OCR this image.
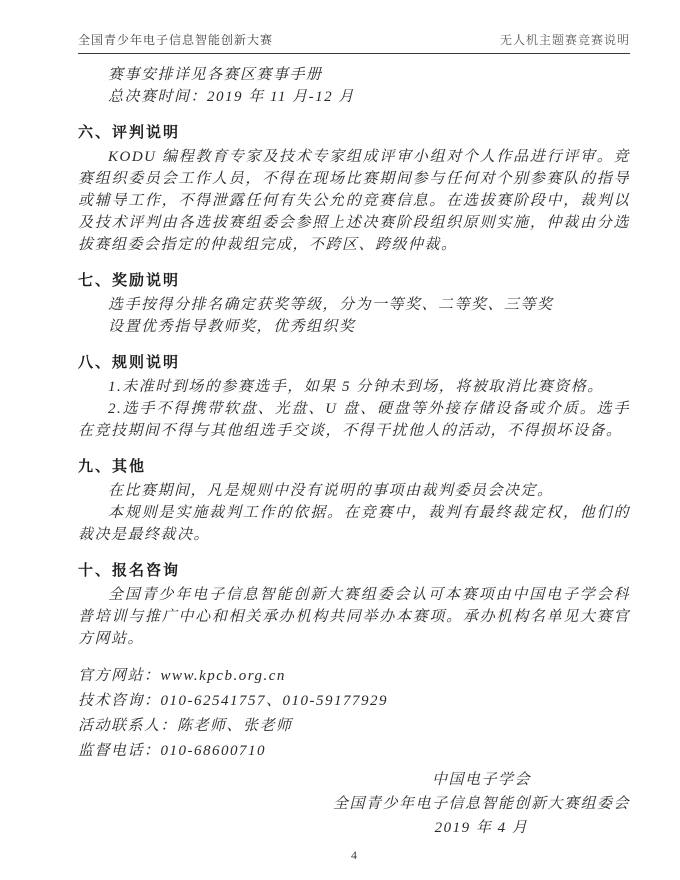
全国青少年电子信息智能创新大赛	无人机主题赛竞赛说明

赛事安排详见各赛区赛事手册

总决赛时间：2019 年 11 月-12 月

六、评判说明

KODU 编程教育专家及技术专家组成评审小组对个人作品进行评审。竞赛组织委员会工作人员，不得在现场比赛期间参与任何对个别参赛队的指导或辅导工作，不得泄露任何有失公允的竞赛信息。在选拔赛阶段中，裁判以及技术评判由各选拔赛组委会参照上述决赛阶段组织原则实施，仲裁由分选拔赛组委会指定的仲裁组完成，不跨区、跨级仲裁。

七、奖励说明

选手按得分排名确定获奖等级，分为一等奖、二等奖、三等奖

设置优秀指导教师奖，优秀组织奖

八、规则说明

1.未准时到场的参赛选手，如果 5 分钟未到场，将被取消比赛资格。

2.选手不得携带软盘、光盘、U 盘、硬盘等外接存储设备或介质。选手在竞技期间不得与其他组选手交谈，不得干扰他人的活动，不得损坏设备。

九、其他

在比赛期间，凡是规则中没有说明的事项由裁判委员会决定。

本规则是实施裁判工作的依据。在竞赛中，裁判有最终裁定权，他们的裁决是最终裁决。

十、报名咨询

全国青少年电子信息智能创新大赛组委会认可本赛项由中国电子学会科普培训与推广中心和相关承办机构共同举办本赛项。承办机构名单见大赛官方网站。

官方网站：www.kpcb.org.cn

技术咨询：010-62541757、010-59177929

活动联系人：陈老师、张老师

监督电话：010-68600710

中国电子学会

全国青少年电子信息智能创新大赛组委会

2019 年 4 月

4
